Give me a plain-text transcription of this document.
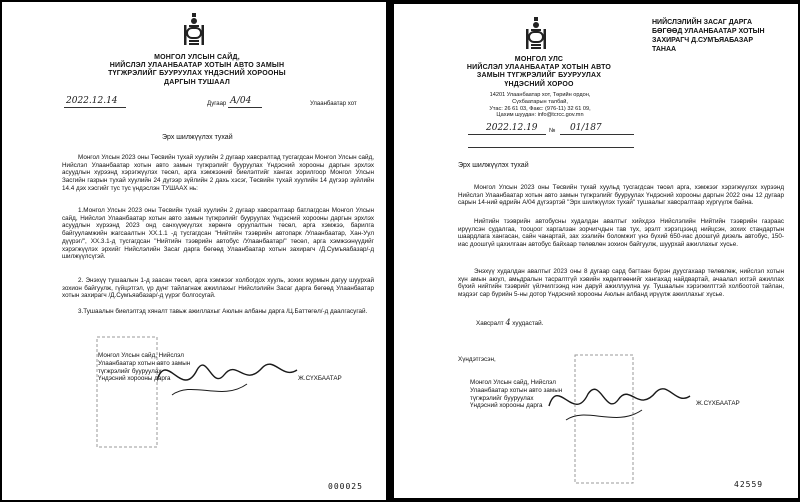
МОНГОЛ УЛСЫН САЙД,
НИЙСЛЭЛ УЛААНБААТАР ХОТЫН АВТО ЗАМЫН
ТҮГЖРЭЛИЙГ БУУРУУЛАХ ҮНДЭСНИЙ ХОРООНЫ
ДАРГЫН ТУШААЛ
2022.12.14	Дугаар А/04	Улаанбаатар хот
Эрх шилжүүлэх тухай

Монгол Улсын 2023 оны Төсвийн тухай хуулийн 2 дугаар хавсралтад тусгагдсан Монгол Улсын сайд, Нийслэл Улаанбаатар хотын авто замын түгжрэлийг бууруулах Үндэсний хорооны даргын эрхлэх асуудлын хүрээнд хэрэгжүүлэх төсөл, арга хэмжээний биелэлтийг хангах зорилгоор Монгол Улсын Засгийн газрын тухай хуулийн 24 дүгээр зүйлийн 2 дахь хэсэг, Төсвийн тухай хуулийн 14 дүгээр зүйлийн 14.4 дэх хэсгийг тус тус үндэслэн ТУШААХ нь:

1.Монгол Улсын 2023 оны Төсвийн тухай хуулийн 2 дугаар хавсралтаар батлагдсан Монгол Улсын сайд, Нийслэл Улаанбаатар хотын авто замын түгжрэлийг бууруулах Үндэсний хорооны даргын эрхлэх асуудлын хүрээнд 2023 онд санхүүжүүлэх хөрөнгө оруулалтын төсөл, арга хэмжээ, барилга байгууламжийн жагсаалтын ХХ.1.1 -д тусгагдсан "Нийтийн тээврийн автопарк /Улаанбаатар, Хан-Уул дүүрэг/", ХХ.3.1-д тусгагдсан "Нийтийн тээврийн автобус /Улаанбаатар/" төсөл, арга хэмжээнүүдийг хэрэгжүүлэх эрхийг Нийслэлийн Засаг дарга бөгөөд Улаанбаатар хотын захирагч /Д.Сумъяабазар/-д шилжүүлсүгэй.

2. Энэхүү тушаалын 1-д заасан төсөл, арга хэмжээг холбогдох хууль, зохих журмын дагуу шуурхай зохион байгуулж, гүйцэтгэл, үр дүнг тайлагнаж ажиллахыг Нийслэлийн Засаг дарга бөгөөд Улаанбаатар хотын захирагч /Д.Сумъяабазар/-д үүрэг болгосугай.

3.Тушаалын биелэлтэд хяналт тавьж ажиллахыг Аюлын албаны дарга /Ц.Баттөгөл/-д даалгасугай.

Монгол Улсын сайд, Нийслэл
Улаанбаатар хотын авто замын
түгжрэлийг бууруулах
Үндэсний хорооны дарга	Ж.СҮХБААТАР
000025
МОНГОЛ УЛС
НИЙСЛЭЛ УЛААНБААТАР ХОТЫН АВТО
ЗАМЫН ТҮГЖРЭЛИЙГ БУУРУУЛАХ
ҮНДЭСНИЙ ХОРОО
14201 Улаанбаатар хот, Төрийн ордон,
Сүхбаатарын талбай,
Утас: 26 61 03, Факс: (976-11) 32 61 09,
Цахим шуудан: info@tcrcc.gov.mn
НИЙСЛЭЛИЙН ЗАСАГ ДАРГА
БӨГӨӨД УЛААНБААТАР ХОТЫН
ЗАХИРАГЧ Д.СУМЪЯАБАЗАР
ТАНАА
2022.12.19 № 01/187
Эрх шилжүүлэх тухай

Монгол Улсын 2023 оны Төсвийн тухай хуульд тусгагдсан төсөл арга, хэмжээг хэрэгжүүлэх хүрээнд Нийслэл Улаанбаатар хотын авто замын түгжрэлийг бууруулах Үндэсний хорооны даргын 2022 оны 12 дугаар сарын 14-ний өдрийн А/04 дүгээртэй "Эрх шилжүүлэх тухай" тушаалыг хавсралтаар хүргүүлж байна.

Нийтийн тээврийн автобусны худалдан авалтыг хийхдээ Нийслэлийн Нийтийн тээврийн газраас ирүүлсэн судалгаа, тооцоог харгалзан зорчигчдын тав тух, эрэлт хэрэгцээнд нийцсэн, зохих стандартын шаардлага хангасан, сайн чанартай, зах зээлийн боломжит үнэ бүхий 650-иас доошгүй дизель автобус, 150-иас доошгүй цахилгаан автобус байхаар төлөвлөн зохион байгуулж, шуурхай ажиллахыг хүсье.

Энэхүү худалдан авалтыг 2023 оны 8 дугаар сард багтаан бүрэн дуусгахаар төлөвлөж, нийслэл хотын хүн амын аюул, амьдралын тасралтгүй хэвийн хөдөлгөөнийг хангахад найдвартай, ачаалал ихтэй ажиллах бүхий нийтийн тээврийг үйлчилгээнд нэн даруй ажиллуулна уу. Тушаалын хэрэгжилттэй холбоотой тайлан, мэдээг сар бүрийн 5-ны дотор Үндэсний хорооны Аюлын албанд ирүүлж ажиллахыг хүсье.

Хавсралт 4 хуудастай.
Хүндэтгэсэн,
Монгол Улсын сайд, Нийслэл
Улаанбаатар хотын авто замын
түгжрэлийг бууруулах
Үндэсний хорооны дарга	Ж.СҮХБААТАР
42559
